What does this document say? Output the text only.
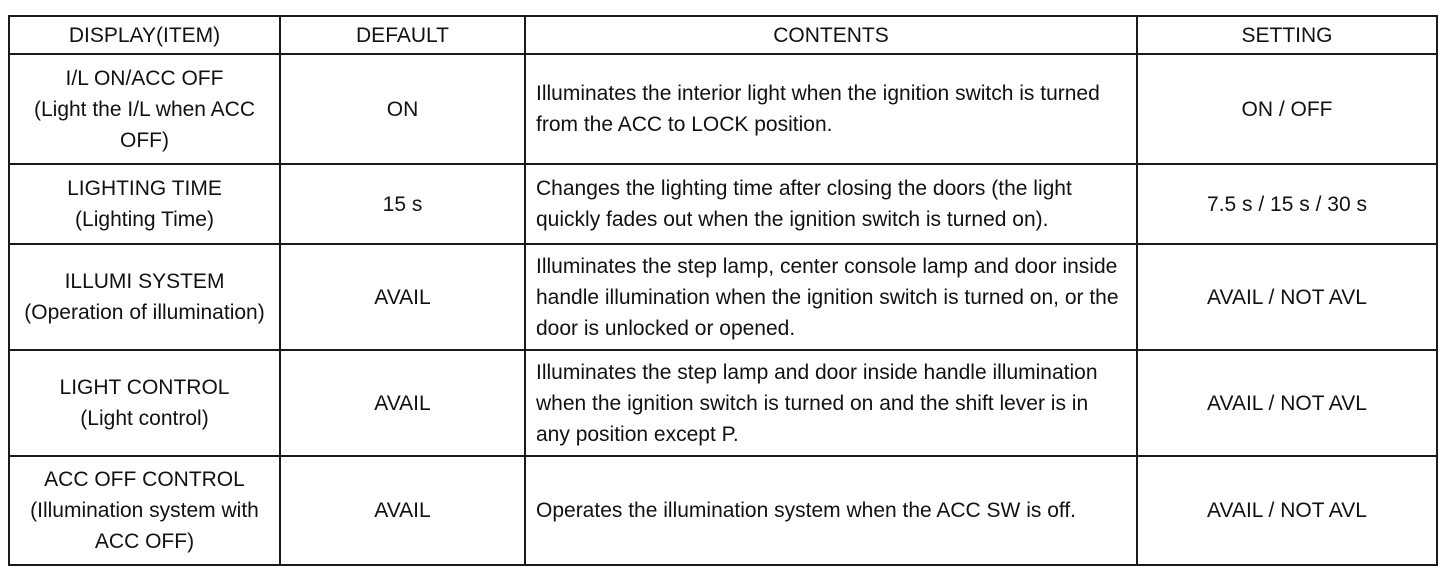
DISPLAY(ITEM)	DEFAULT	CONTENTS	SETTING

I/L ON/ACC OFF
(Light the I/L when ACC
OFF)	ON	Illuminates the interior light when the ignition switch is turned from the ACC to LOCK position.	ON / OFF

LIGHTING TIME
(Lighting Time)	15 s	Changes the lighting time after closing the doors (the light quickly fades out when the ignition switch is turned on).	7.5 s / 15 s / 30 s

ILLUMI SYSTEM
(Operation of illumination)	AVAIL	Illuminates the step lamp, center console lamp and door inside handle illumination when the ignition switch is turned on, or the door is unlocked or opened.	AVAIL / NOT AVL

LIGHT CONTROL
(Light control)	AVAIL	Illuminates the step lamp and door inside handle illumination when the ignition switch is turned on and the shift lever is in any position except P.	AVAIL / NOT AVL

ACC OFF CONTROL
(Illumination system with
ACC OFF)	AVAIL	Operates the illumination system when the ACC SW is off.	AVAIL / NOT AVL
